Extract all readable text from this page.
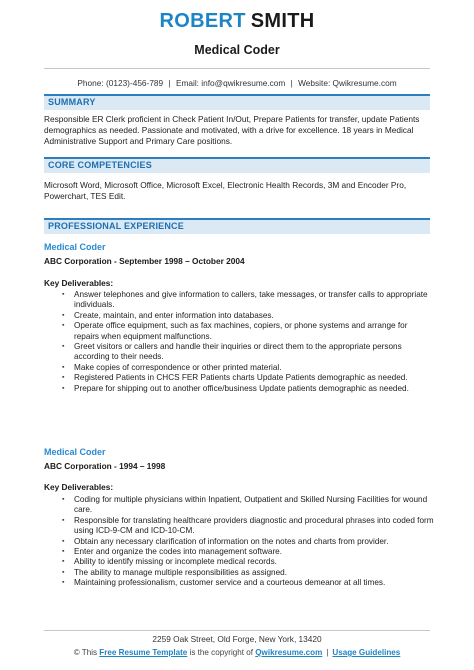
ROBERT SMITH
Medical Coder
Phone: (0123)-456-789 | Email: info@qwikresume.com | Website: Qwikresume.com
SUMMARY
Responsible ER Clerk proficient in Check Patient In/Out, Prepare Patients for transfer, update Patients demographics as needed. Passionate and motivated, with a drive for excellence. 18 years in Medical Administrative Support and Primary Care positions.
CORE COMPETENCIES
Microsoft Word, Microsoft Office, Microsoft Excel, Electronic Health Records, 3M and Encoder Pro, Powerchart, TES Edit.
PROFESSIONAL EXPERIENCE
Medical Coder
ABC Corporation - September 1998 – October 2004
Key Deliverables:
▪ Answer telephones and give information to callers, take messages, or transfer calls to appropriate individuals.
▪ Create, maintain, and enter information into databases.
▪ Operate office equipment, such as fax machines, copiers, or phone systems and arrange for repairs when equipment malfunctions.
▪ Greet visitors or callers and handle their inquiries or direct them to the appropriate persons according to their needs.
▪ Make copies of correspondence or other printed material.
▪ Registered Patients in CHCS FER Patients charts Update Patients demographic as needed.
▪ Prepare for shipping out to another office/business Update patients demographic as needed.
Medical Coder
ABC Corporation - 1994 – 1998
Key Deliverables:
▪ Coding for multiple physicians within Inpatient, Outpatient and Skilled Nursing Facilities for wound care.
▪ Responsible for translating healthcare providers diagnostic and procedural phrases into coded form using ICD-9-CM and ICD-10-CM.
▪ Obtain any necessary clarification of information on the notes and charts from provider.
▪ Enter and organize the codes into management software.
▪ Ability to identify missing or incomplete medical records.
▪ The ability to manage multiple responsibilities as assigned.
▪ Maintaining professionalism, customer service and a courteous demeanor at all times.
2259 Oak Street, Old Forge, New York, 13420
© This Free Resume Template is the copyright of Qwikresume.com | Usage Guidelines
